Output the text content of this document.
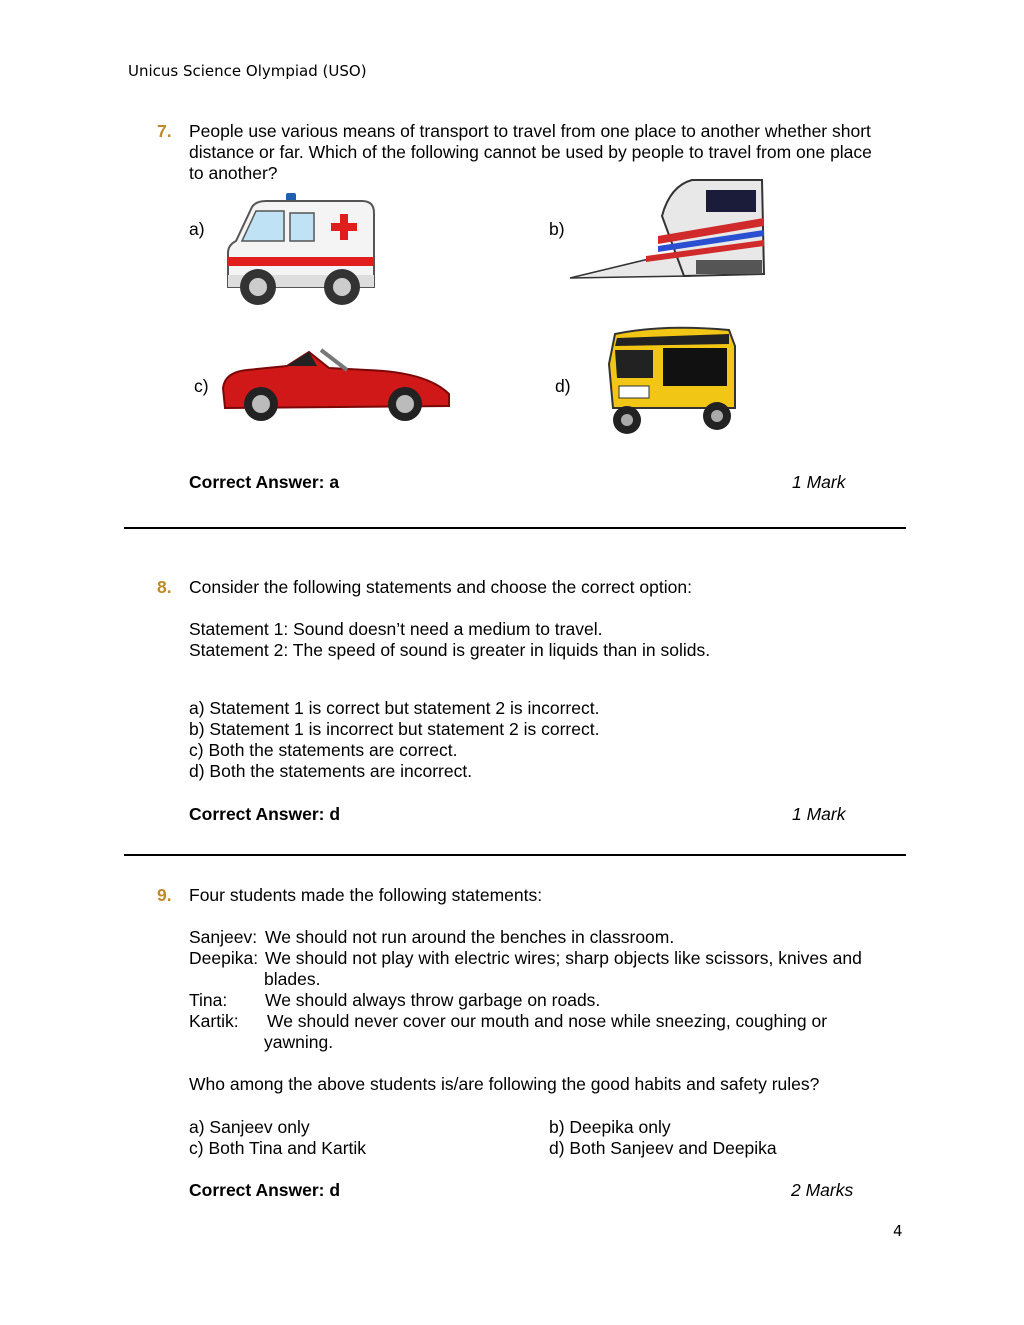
Unicus Science Olympiad (USO)
7. People use various means of transport to travel from one place to another whether short distance or far. Which of the following cannot be used by people to travel from one place to another?
a)	b)
c)	d)
Correct Answer: a	1 Mark
8. Consider the following statements and choose the correct option:
Statement 1: Sound doesn’t need a medium to travel.
Statement 2: The speed of sound is greater in liquids than in solids.
a) Statement 1 is correct but statement 2 is incorrect.
b) Statement 1 is incorrect but statement 2 is correct.
c) Both the statements are correct.
d) Both the statements are incorrect.
Correct Answer: d	1 Mark
9. Four students made the following statements:
Sanjeev: We should not run around the benches in classroom.
Deepika: We should not play with electric wires; sharp objects like scissors, knives and
blades.
Tina: We should always throw garbage on roads.
Kartik: We should never cover our mouth and nose while sneezing, coughing or
yawning.
Who among the above students is/are following the good habits and safety rules?
a) Sanjeev only	b) Deepika only
c) Both Tina and Kartik	d) Both Sanjeev and Deepika
Correct Answer: d	2 Marks
4
